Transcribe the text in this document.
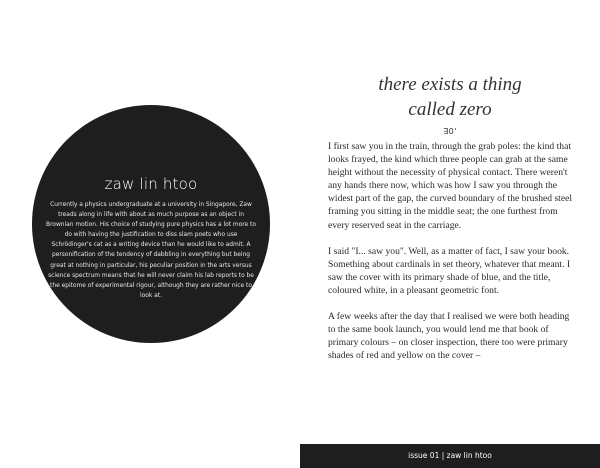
zaw lin htoo
Currently a physics undergraduate at a university in Singapore, Zaw treads along in life with about as much purpose as an object in Brownian motion. His choice of studying pure physics has a lot more to do with having the justification to diss slam poets who use Schrödinger's cat as a writing device than he would like to admit. A personification of the tendency of dabbling in everything but being great at nothing in particular, his peculiar position in the arts versus science spectrum means that he will never claim his lab reports to be the epitome of experimental rigour, although they are rather nice to look at.
there exists a thing
called zero
∃0'

I first saw you in the train, through the grab poles: the kind that looks frayed, the kind which three people can grab at the same height without the necessity of physical contact. There weren't any hands there now, which was how I saw you through the widest part of the gap, the curved boundary of the brushed steel framing you sitting in the middle seat; the one furthest from every reserved seat in the carriage.

I said "I... saw you". Well, as a matter of fact, I saw your book. Something about cardinals in set theory, whatever that meant. I saw the cover with its primary shade of blue, and the title, coloured white, in a pleasant geometric font.

A few weeks after the day that I realised we were both heading to the same book launch, you would lend me that book of primary colours – on closer inspection, there too were primary shades of red and yellow on the cover –

issue 01 | zaw lin htoo
